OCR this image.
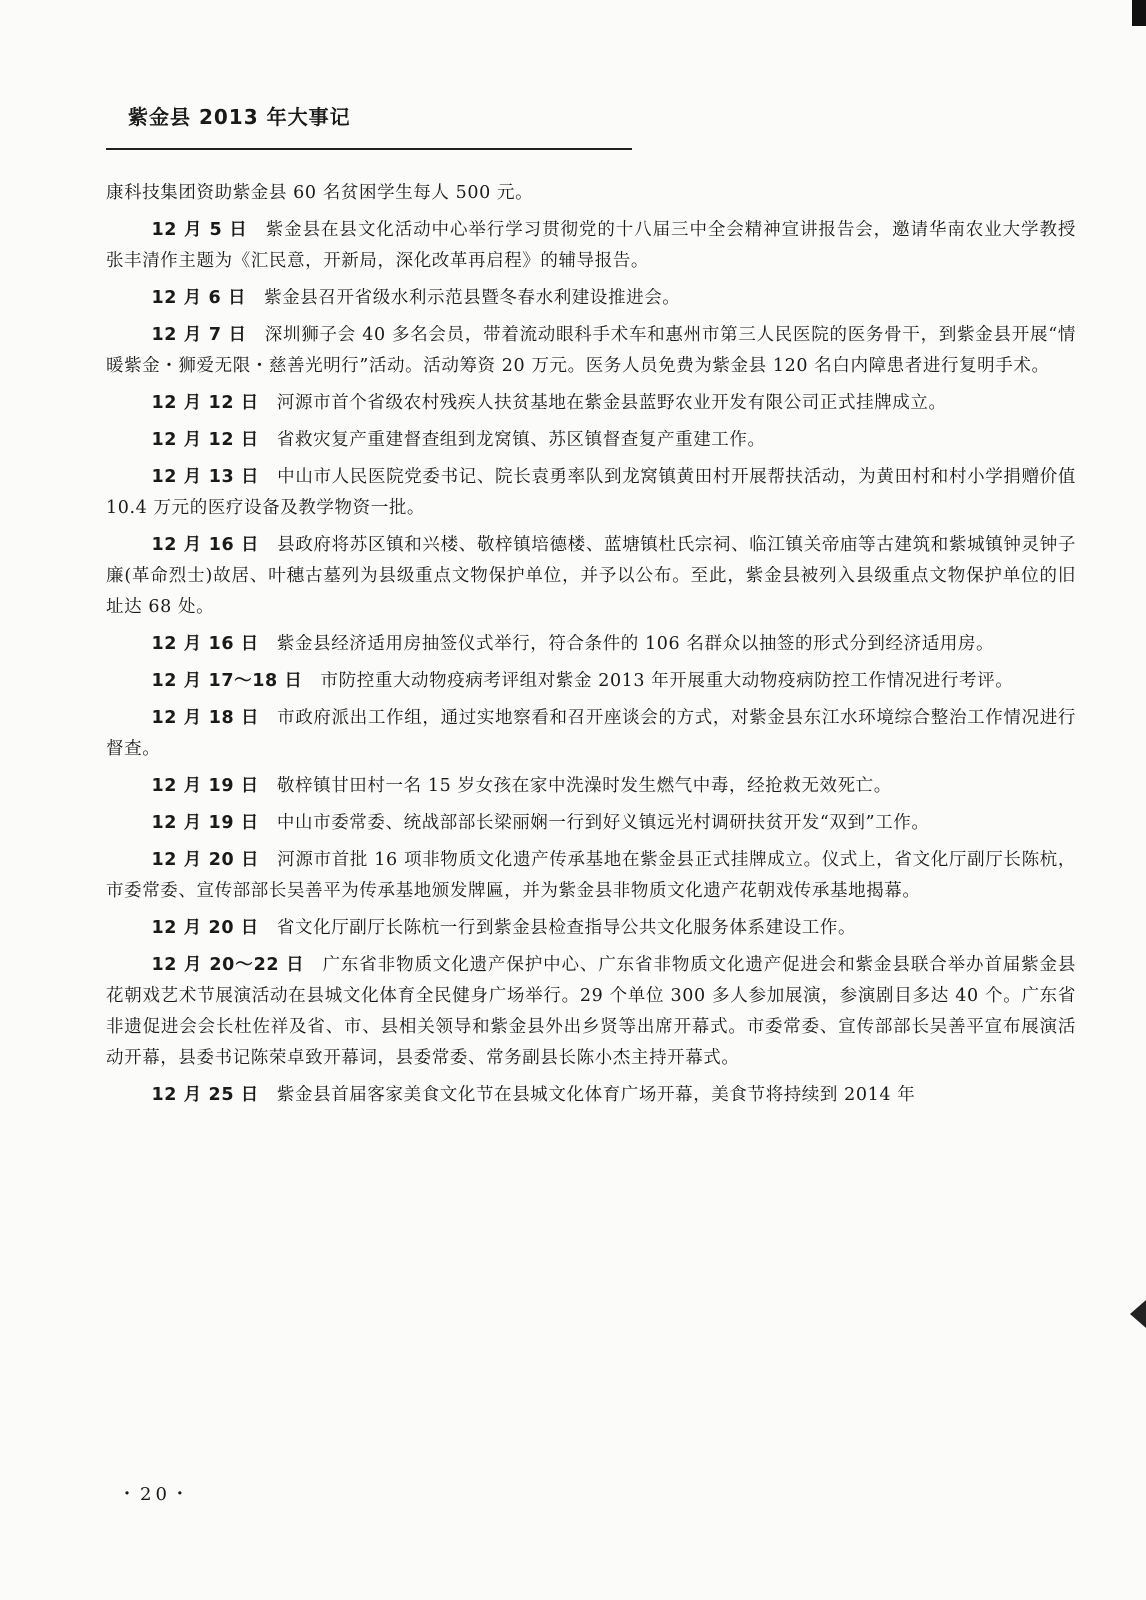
紫金县 2013 年大事记

康科技集团资助紫金县 60 名贫困学生每人 500 元。

12 月 5 日 紫金县在县文化活动中心举行学习贯彻党的十八届三中全会精神宣讲报告会，邀请华南农业大学教授张丰清作主题为《汇民意，开新局，深化改革再启程》的辅导报告。

12 月 6 日 紫金县召开省级水利示范县暨冬春水利建设推进会。

12 月 7 日 深圳狮子会 40 多名会员，带着流动眼科手术车和惠州市第三人民医院的医务骨干，到紫金县开展“情暖紫金・狮爱无限・慈善光明行”活动。活动筹资 20 万元。医务人员免费为紫金县 120 名白内障患者进行复明手术。

12 月 12 日 河源市首个省级农村残疾人扶贫基地在紫金县蓝野农业开发有限公司正式挂牌成立。

12 月 12 日 省救灾复产重建督查组到龙窝镇、苏区镇督查复产重建工作。

12 月 13 日 中山市人民医院党委书记、院长袁勇率队到龙窝镇黄田村开展帮扶活动，为黄田村和村小学捐赠价值 10.4 万元的医疗设备及教学物资一批。

12 月 16 日 县政府将苏区镇和兴楼、敬梓镇培德楼、蓝塘镇杜氏宗祠、临江镇关帝庙等古建筑和紫城镇钟灵钟子廉(革命烈士)故居、叶穗古墓列为县级重点文物保护单位，并予以公布。至此，紫金县被列入县级重点文物保护单位的旧址达 68 处。

12 月 16 日 紫金县经济适用房抽签仪式举行，符合条件的 106 名群众以抽签的形式分到经济适用房。

12 月 17～18 日 市防控重大动物疫病考评组对紫金 2013 年开展重大动物疫病防控工作情况进行考评。

12 月 18 日 市政府派出工作组，通过实地察看和召开座谈会的方式，对紫金县东江水环境综合整治工作情况进行督查。

12 月 19 日 敬梓镇甘田村一名 15 岁女孩在家中洗澡时发生燃气中毒，经抢救无效死亡。

12 月 19 日 中山市委常委、统战部部长梁丽娴一行到好义镇远光村调研扶贫开发“双到”工作。

12 月 20 日 河源市首批 16 项非物质文化遗产传承基地在紫金县正式挂牌成立。仪式上，省文化厅副厅长陈杭，市委常委、宣传部部长吴善平为传承基地颁发牌匾，并为紫金县非物质文化遗产花朝戏传承基地揭幕。

12 月 20 日 省文化厅副厅长陈杭一行到紫金县检查指导公共文化服务体系建设工作。

12 月 20～22 日 广东省非物质文化遗产保护中心、广东省非物质文化遗产促进会和紫金县联合举办首届紫金县花朝戏艺术节展演活动在县城文化体育全民健身广场举行。29 个单位 300 多人参加展演，参演剧目多达 40 个。广东省非遗促进会会长杜佐祥及省、市、县相关领导和紫金县外出乡贤等出席开幕式。市委常委、宣传部部长吴善平宣布展演活动开幕，县委书记陈荣卓致开幕词，县委常委、常务副县长陈小杰主持开幕式。

12 月 25 日 紫金县首届客家美食文化节在县城文化体育广场开幕，美食节将持续到 2014 年

・20・
